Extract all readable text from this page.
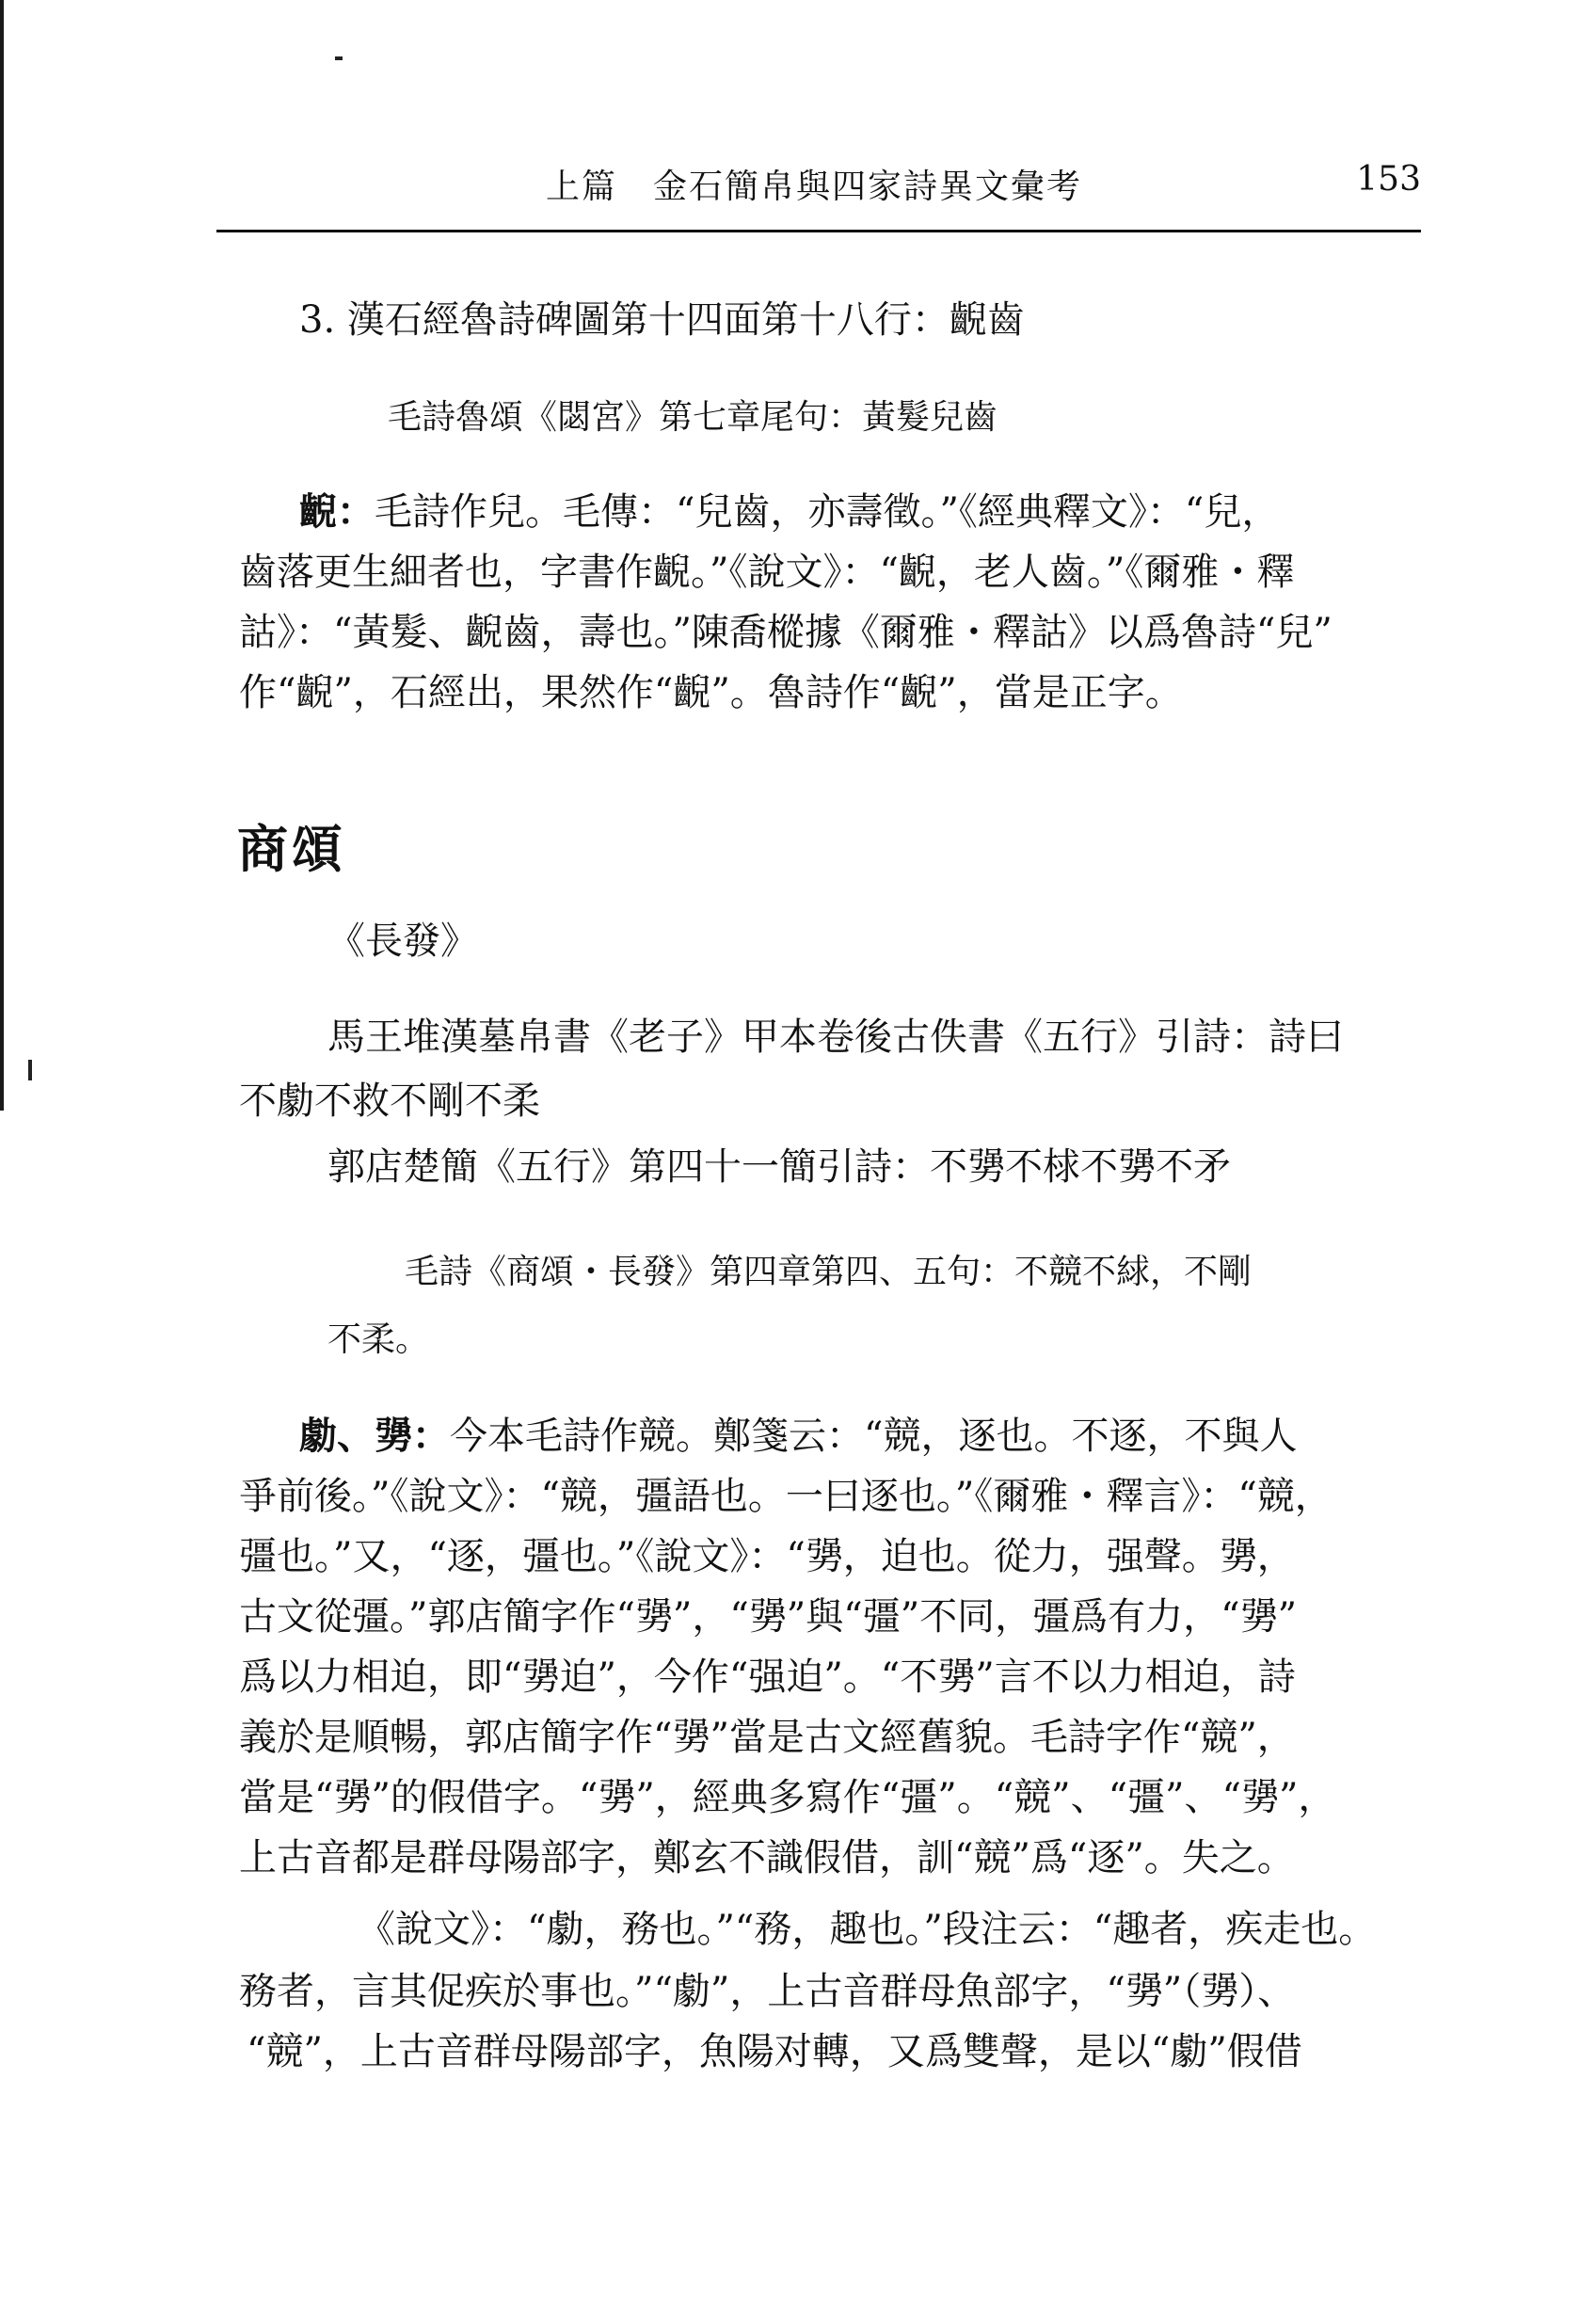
上篇 金石簡帛與四家詩異文彙考	153
3. 漢石經魯詩碑圖第十四面第十八行：齯齒
毛詩魯頌《閟宮》第七章尾句：黃髮兒齒
齯：毛詩作兒。毛傳：“兒齒，亦壽徵。”《經典釋文》：“兒，
齒落更生細者也，字書作齯。”《說文》：“齯，老人齒。”《爾雅・釋
詁》：“黃髮、齯齒，壽也。”陳喬樅據《爾雅・釋詁》以爲魯詩“兒”
作“齯”，石經出，果然作“齯”。魯詩作“齯”，當是正字。
商頌
《長發》
馬王堆漢墓帛書《老子》甲本卷後古佚書《五行》引詩：詩曰
不勮不救不剛不柔
郭店楚簡《五行》第四十一簡引詩：不勥不梂不勥不矛
毛詩《商頌・長發》第四章第四、五句：不競不絿，不剛
不柔。
勮、勥：今本毛詩作競。鄭箋云：“競，逐也。不逐，不與人
爭前後。”《說文》：“競，彊語也。一曰逐也。”《爾雅・釋言》：“競，
彊也。”又，“逐，彊也。”《說文》：“勥，迫也。從力，强聲。勥，
古文從彊。”郭店簡字作“勥”，“勥”與“彊”不同，彊爲有力，“勥”
爲以力相迫，即“勥迫”，今作“强迫”。“不勥”言不以力相迫，詩
義於是順暢，郭店簡字作“勥”當是古文經舊貌。毛詩字作“競”，
當是“勥”的假借字。“勥”，經典多寫作“彊”。“競”、“彊”、“勥”，
上古音都是群母陽部字，鄭玄不識假借，訓“競”爲“逐”。失之。
《說文》：“勮，務也。”“務，趣也。”段注云：“趣者，疾走也。
務者，言其促疾於事也。”“勮”，上古音群母魚部字，“勥”（勥）、
“競”，上古音群母陽部字，魚陽对轉，又爲雙聲，是以“勮”假借
